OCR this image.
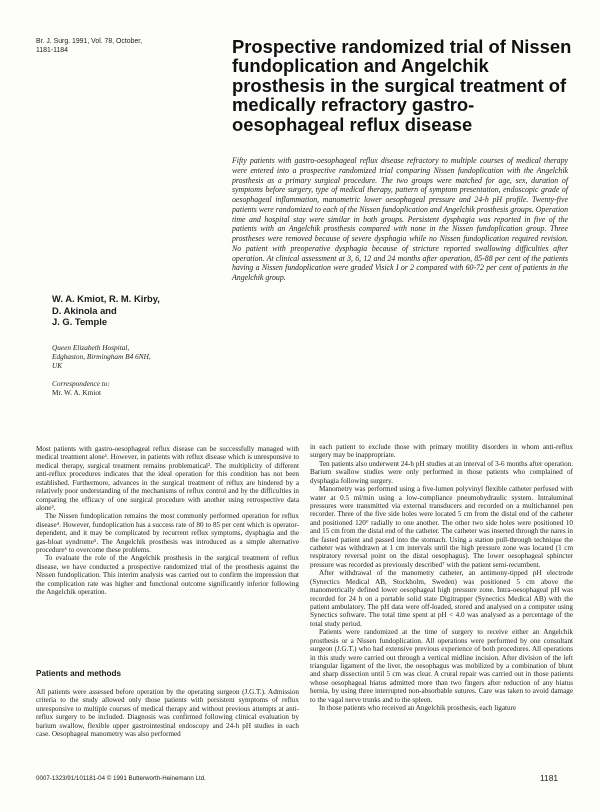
Br. J. Surg. 1991, Vol. 78, October,
1181-1184	Prospective randomized trial of Nissen fundoplication and Angelchik prosthesis in the surgical treatment of medically refractory gastro-oesophageal reflux disease
Fifty patients with gastro-oesophageal reflux disease refractory to multiple courses of medical therapy were entered into a prospective randomized trial comparing Nissen fundoplication with the Angelchik prosthesis as a primary surgical procedure. The two groups were matched for age, sex, duration of symptoms before surgery, type of medical therapy, pattern of symptom presentation, endoscopic grade of oesophageal inflammation, manometric lower oesophageal pressure and 24-h pH profile. Twenty-five patients were randomized to each of the Nissen fundoplication and Angelchik prosthesis groups. Operation time and hospital stay were similar in both groups. Persistent dysphagia was reported in five of the patients with an Angelchik prosthesis compared with none in the Nissen fundoplication group. Three prostheses were removed because of severe dysphagia while no Nissen fundoplication required revision. No patient with preoperative dysphagia because of stricture reported swallowing difficulties after operation. At clinical assessment at 3, 6, 12 and 24 months after operation, 85-88 per cent of the patients having a Nissen fundoplication were graded Visick I or 2 compared with 60-72 per cent of patients in the Angelchik group.
W. A. Kmiot, R. M. Kirby,
D. Akinola and
J. G. Temple
Queen Elizabeth Hospital,
Edgbaston, Birmingham B4 6NH,
UK
Correspondence to:
Mr. W. A. Kmiot

Most patients with gastro-oesophageal reflux disease can be successfully managed with medical treatment alone¹. However, in patients with reflux disease which is unresponsive to medical therapy, surgical treatment remains problematical². The multiplicity of different anti-reflux procedures indicates that the ideal operation for this condition has not been established. Furthermore, advances in the surgical treatment of reflux are hindered by a relatively poor understanding of the mechanisms of reflux control and by the difficulties in comparing the efficacy of one surgical procedure with another using retrospective data alone³.

The Nissen fundoplication remains the most commonly performed operation for reflux disease⁴. However, fundoplication has a success rate of 80 to 85 per cent which is operator-dependent, and it may be complicated by recurrent reflux symptoms, dysphagia and the gas-bloat syndrome⁵. The Angelchik prosthesis was introduced as a simple alternative procedure⁶ to overcome these problems.

To evaluate the role of the Angelchik prosthesis in the surgical treatment of reflux disease, we have conducted a prospective randomized trial of the prosthesis against the Nissen fundoplication. This interim analysis was carried out to confirm the impression that the complication rate was higher and functional outcome significantly inferior following the Angelchik operation.

Patients and methods

All patients were assessed before operation by the operating surgeon (J.G.T.). Admission criteria to the study allowed only those patients with persistent symptoms of reflux unresponsive to multiple courses of medical therapy and without previous attempts at anti-reflux surgery to be included. Diagnosis was confirmed following clinical evaluation by barium swallow, flexible upper gastrointestinal endoscopy and 24-h pH studies in each case. Oesophageal manometry was also performed

in each patient to exclude those with primary motility disorders in whom anti-reflux surgery may be inappropriate.

Ten patients also underwent 24-h pH studies at an interval of 3-6 months after operation. Barium swallow studies were only performed in those patients who complained of dysphagia following surgery.

Manometry was performed using a five-lumen polyvinyl flexible catheter perfused with water at 0.5 ml/min using a low-compliance pneumohydraulic system. Intraluminal pressures were transmitted via external transducers and recorded on a multichannel pen recorder. Three of the five side holes were located 5 cm from the distal end of the catheter and positioned 120° radially to one another. The other two side holes were positioned 10 and 15 cm from the distal end of the catheter. The catheter was inserted through the nares in the fasted patient and passed into the stomach. Using a station pull-through technique the catheter was withdrawn at 1 cm intervals until the high pressure zone was located (1 cm respiratory reversal point on the distal oesophagus). The lower oesophageal sphincter pressure was recorded as previously described⁷ with the patient semi-recumbent.

After withdrawal of the manometry catheter, an antimony-tipped pH electrode (Synectics Medical AB, Stockholm, Sweden) was positioned 5 cm above the manometrically defined lower oesophageal high pressure zone. Intra-oesophageal pH was recorded for 24 h on a portable solid state Digitrapper (Synectics Medical AB) with the patient ambulatory. The pH data were off-loaded, stored and analysed on a computer using Synectics software. The total time spent at pH < 4.0 was analysed as a percentage of the total study period.

Patients were randomized at the time of surgery to receive either an Angelchik prosthesis or a Nissen fundoplication. All operations were performed by one consultant surgeon (J.G.T.) who had extensive previous experience of both procedures. All operations in this study were carried out through a vertical midline incision. After division of the left triangular ligament of the liver, the oesophagus was mobilized by a combination of blunt and sharp dissection until 5 cm was clear. A crural repair was carried out in those patients whose oesophageal hiatus admitted more than two fingers after reduction of any hiatus hernia, by using three interrupted non-absorbable sutures. Care was taken to avoid damage to the vagal nerve trunks and to the spleen.

In those patients who received an Angelchik prosthesis, each ligature

0007-1323/91/101181-04 © 1991 Butterworth-Heinemann Ltd.	1181
